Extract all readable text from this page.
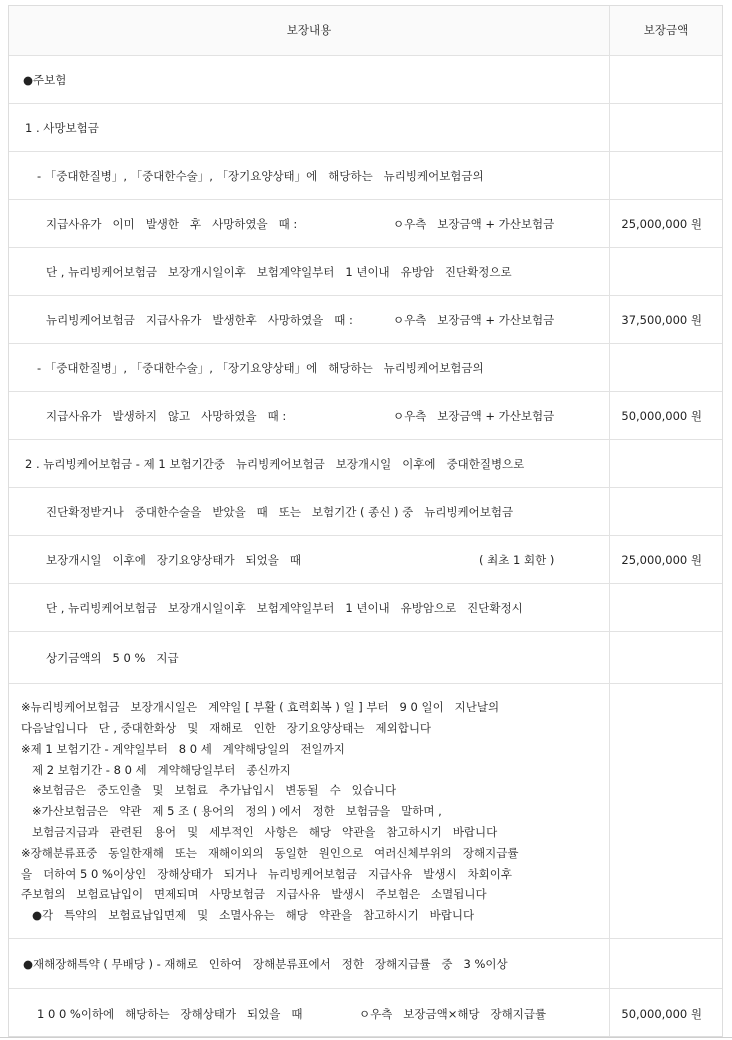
보장내용	보장금액
●주보험
1 . 사망보험금
- 「중대한질병」, 「중대한수술」, 「장기요양상태」에   해당하는   뉴리빙케어보험금의
지급사유가   이미   발생한   후   사망하였을   때 :	ㅇ우측   보장금액 + 가산보험금	25,000,000 원
단 , 뉴리빙케어보험금   보장개시일이후   보험계약일부터   1 년이내   유방암   진단확정으로
뉴리빙케어보험금   지급사유가   발생한후   사망하였을   때 :	ㅇ우측   보장금액 + 가산보험금	37,500,000 원
- 「중대한질병」, 「중대한수술」, 「장기요양상태」에   해당하는   뉴리빙케어보험금의
지급사유가   발생하지   않고   사망하였을   때 :	ㅇ우측   보장금액 + 가산보험금	50,000,000 원
2 . 뉴리빙케어보험금 - 제 1 보험기간중   뉴리빙케어보험금   보장개시일   이후에   중대한질병으로
진단확정받거나   중대한수술을   받았을   때   또는   보험기간 ( 종신 ) 중   뉴리빙케어보험금
보장개시일   이후에   장기요양상태가   되었을   때	( 최초 1 회한 )	25,000,000 원
단 , 뉴리빙케어보험금   보장개시일이후   보험계약일부터   1 년이내   유방암으로   진단확정시
상기금액의   5 0 %   지급
※뉴리빙케어보험금   보장개시일은   계약일 [ 부활 ( 효력회복 ) 일 ] 부터   9 0 일이   지난날의
다음날입니다   단 , 중대한화상   및   재해로   인한   장기요양상태는   제외합니다
※제 1 보험기간 - 계약일부터   8 0 세   계약해당일의   전일까지
제 2 보험기간 - 8 0 세   계약해당일부터   종신까지
※보험금은   중도인출   및   보험료   추가납입시   변동될   수   있습니다
※가산보험금은   약관   제 5 조 ( 용어의   정의 ) 에서   정한   보험금을   말하며 ,
보험금지급과   관련된   용어   및   세부적인   사항은   해당   약관을   참고하시기   바랍니다
※장해분류표중   동일한재해   또는   재해이외의   동일한   원인으로   여러신체부위의   장해지급률
을   더하여 5 0 %이상인   장해상태가   되거나   뉴리빙케어보험금   지급사유   발생시   차회이후
주보험의   보험료납입이   면제되며   사망보험금   지급사유   발생시   주보험은   소멸됩니다
●각   특약의   보험료납입면제   및   소멸사유는   해당   약관을   참고하시기   바랍니다
●재해장해특약 ( 무배당 ) - 재해로   인하여   장해분류표에서   정한   장해지급률   중   3 %이상
1 0 0 %이하에   해당하는   장해상태가   되었을   때	ㅇ우측   보장금액×해당   장해지급률	50,000,000 원
